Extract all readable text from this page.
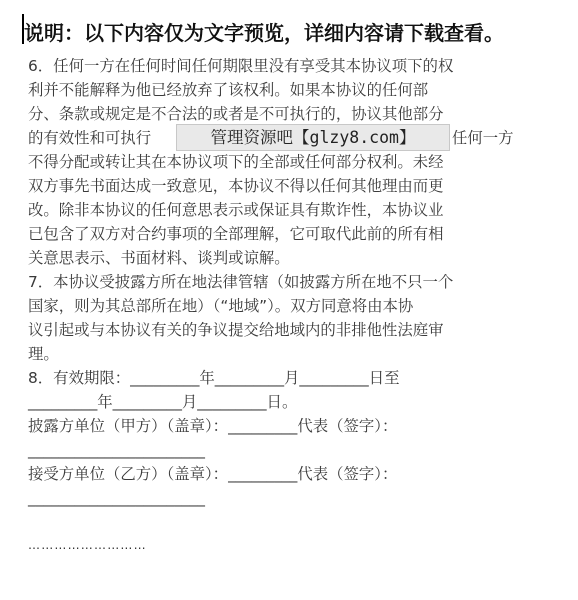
说明：以下内容仅为文字预览，详细内容请下载查看。
6．任何一方在任何时间任何期限里没有享受其本协议项下的权
利并不能解释为他已经放弃了该权利。如果本协议的任何部
分、条款或规定是不合法的或者是不可执行的，协议其他部分
的有效性和可执行	任何一方
不得分配或转让其在本协议项下的全部或任何部分权利。未经
双方事先书面达成一致意见，本协议不得以任何其他理由而更
改。除非本协议的任何意思表示或保证具有欺诈性，本协议业
已包含了双方对合约事项的全部理解，它可取代此前的所有相
关意思表示、书面材料、谈判或谅解。
7．本协议受披露方所在地法律管辖（如披露方所在地不只一个
国家，则为其总部所在地）（“地域”）。双方同意将由本协
议引起或与本协议有关的争议提交给地域内的非排他性法庭审
理。
8．有效期限：_________年_________月_________日至
_________年_________月_________日。
披露方单位（甲方）（盖章）：_________代表（签字）：
_______________________
接受方单位（乙方）（盖章）：_________代表（签字）：
_______________________
管理资源吧【glzy8.com】
………………………
